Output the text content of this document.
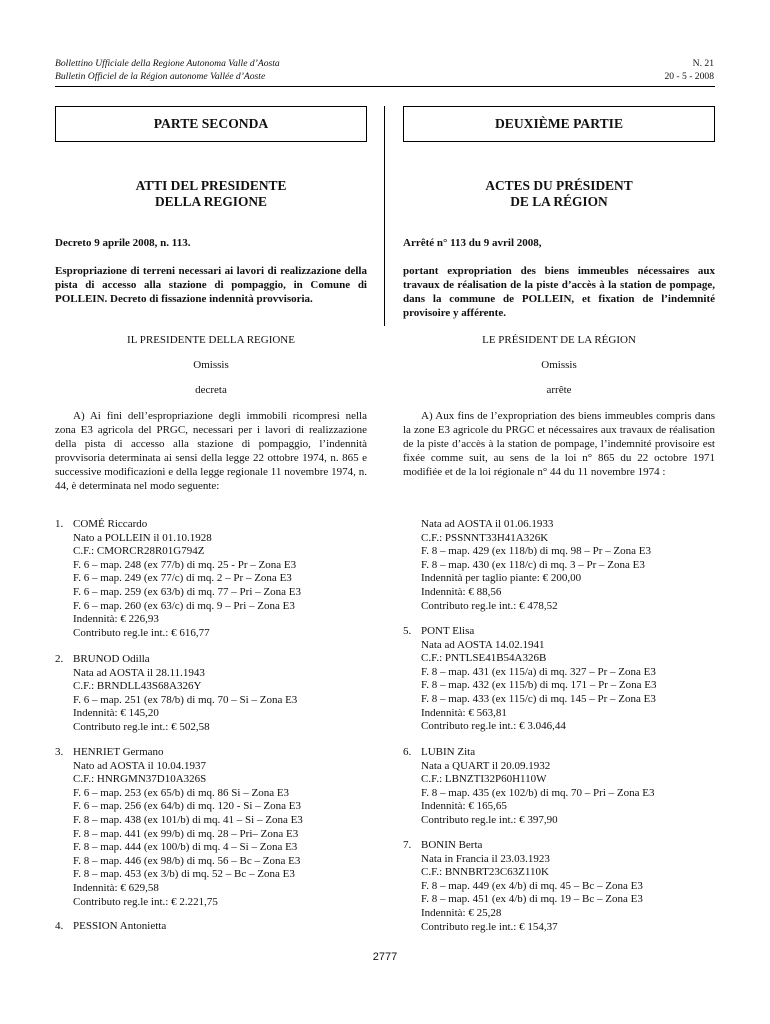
Bollettino Ufficiale della Regione Autonoma Valle d’Aosta
Bulletin Officiel de la Région autonome Vallée d’Aoste
N. 21
20 - 5 - 2008
PARTE SECONDA	DEUXIÈME PARTIE
ATTI DEL PRESIDENTE
DELLA REGIONE
ACTES DU PRÉSIDENT
DE LA RÉGION
Decreto 9 aprile 2008, n. 113.
Espropriazione di terreni necessari ai lavori di realizzazione della pista di accesso alla stazione di pompaggio, in Comune di POLLEIN. Decreto di fissazione indennità provvisoria.
IL PRESIDENTE DELLA REGIONE
Omissis
decreta
A) Ai fini dell’espropriazione degli immobili ricompresi nella zona E3 agricola del PRGC, necessari per i lavori di realizzazione della pista di accesso alla stazione di pompaggio, l’indennità provvisoria determinata ai sensi della legge 22 ottobre 1974, n. 865 e successive modificazioni e della legge regionale 11 novembre 1974, n. 44, è determinata nel modo seguente:
Arrêté n° 113 du 9 avril 2008,
portant expropriation des biens immeubles nécessaires aux travaux de réalisation de la piste d’accès à la station de pompage, dans la commune de POLLEIN, et fixation de l’indemnité provisoire y afférente.
LE PRÉSIDENT DE LA RÉGION
Omissis
arrête
A) Aux fins de l’expropriation des biens immeubles compris dans la zone E3 agricole du PRGC et nécessaires aux travaux de réalisation de la piste d’accès à la station de pompage, l’indemnité provisoire est fixée comme suit, au sens de la loi n° 865 du 22 octobre 1971 modifiée et de la loi régionale n° 44 du 11 novembre 1974 :
1. COMÉ Riccardo
Nato a POLLEIN il 01.10.1928
C.F.: CMORCR28R01G794Z
F. 6 – map. 248 (ex 77/b) di mq. 25 - Pr – Zona E3
F. 6 – map. 249 (ex 77/c) di mq. 2 – Pr – Zona E3
F. 6 – map. 259 (ex 63/b) di mq. 77 – Pri – Zona E3
F. 6 – map. 260 (ex 63/c) di mq. 9 – Pri – Zona E3
Indennità: € 226,93
Contributo reg.le int.: € 616,77
2. BRUNOD Odilla
Nata ad AOSTA il 28.11.1943
C.F.: BRNDLL43S68A326Y
F. 6 – map. 251 (ex 78/b) di mq. 70 – Si – Zona E3
Indennità: € 145,20
Contributo reg.le int.: € 502,58
3. HENRIET Germano
Nato ad AOSTA il 10.04.1937
C.F.: HNRGMN37D10A326S
F. 6 – map. 253 (ex 65/b) di mq. 86 Si – Zona E3
F. 6 – map. 256 (ex 64/b) di mq. 120 - Si – Zona E3
F. 8 – map. 438 (ex 101/b) di mq. 41 – Si – Zona E3
F. 8 – map. 441 (ex 99/b) di mq. 28 – Pri– Zona E3
F. 8 – map. 444 (ex 100/b) di mq. 4 – Si – Zona E3
F. 8 – map. 446 (ex 98/b) di mq. 56 – Bc – Zona E3
F. 8 – map. 453 (ex 3/b) di mq. 52 – Bc – Zona E3
Indennità: € 629,58
Contributo reg.le int.: € 2.221,75
4. PESSION Antonietta
Nata ad AOSTA il 01.06.1933
C.F.: PSSNNT33H41A326K
F. 8 – map. 429 (ex 118/b) di mq. 98 – Pr – Zona E3
F. 8 – map. 430 (ex 118/c) di mq. 3 – Pr – Zona E3
Indennità per taglio piante: € 200,00
Indennità: € 88,56
Contributo reg.le int.: € 478,52
5. PONT Elisa
Nata ad AOSTA 14.02.1941
C.F.: PNTLSE41B54A326B
F. 8 – map. 431 (ex 115/a) di mq. 327 – Pr – Zona E3
F. 8 – map. 432 (ex 115/b) di mq. 171 – Pr – Zona E3
F. 8 – map. 433 (ex 115/c) di mq. 145 – Pr – Zona E3
Indennità: € 563,81
Contributo reg.le int.: € 3.046,44
6. LUBIN Zita
Nata a QUART il 20.09.1932
C.F.: LBNZTI32P60H110W
F. 8 – map. 435 (ex 102/b) di mq. 70 – Pri – Zona E3
Indennità: € 165,65
Contributo reg.le int.: € 397,90
7. BONIN Berta
Nata in Francia il 23.03.1923
C.F.: BNNBRT23C63Z110K
F. 8 – map. 449 (ex 4/b) di mq. 45 – Bc – Zona E3
F. 8 – map. 451 (ex 4/b) di mq. 19 – Bc – Zona E3
Indennità: € 25,28
Contributo reg.le int.: € 154,37
2777
